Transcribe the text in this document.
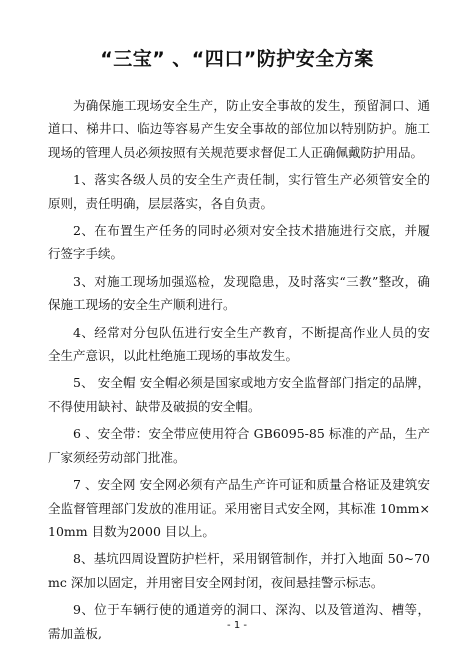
“三宝” 、“四口”防护安全方案

为确保施工现场安全生产，防止安全事故的发生，预留洞口、通道口、梯井口、临边等容易产生安全事故的部位加以特别防护。施工现场的管理人员必须按照有关规范要求督促工人正确佩戴防护用品。

1、落实各级人员的安全生产责任制，实行管生产必须管安全的原则，责任明确，层层落实，各自负责。

2、在布置生产任务的同时必须对安全技术措施进行交底，并履行签字手续。

3、对施工现场加强巡检，发现隐患，及时落实“三教”整改，确保施工现场的安全生产顺利进行。

4、经常对分包队伍进行安全生产教育，不断提高作业人员的安全生产意识，以此杜绝施工现场的事故发生。

5、 安全帽 安全帽必须是国家或地方安全监督部门指定的品牌，不得使用缺衬、缺带及破损的安全帽。

6 、安全带：安全带应使用符合 GB6095-85 标准的产品，生产厂家须经劳动部门批准。

7 、安全网 安全网必须有产品生产许可证和质量合格证及建筑安全监督管理部门发放的准用证。采用密目式安全网，其标准 10mm×10mm 目数为2000 目以上。

8、基坑四周设置防护栏杆，采用钢管制作，并打入地面 50~70mc 深加以固定，并用密目安全网封闭，夜间悬挂警示标志。

9、位于车辆行使的通道旁的洞口、深沟、以及管道沟、槽等，需加盖板,

- 1 -
